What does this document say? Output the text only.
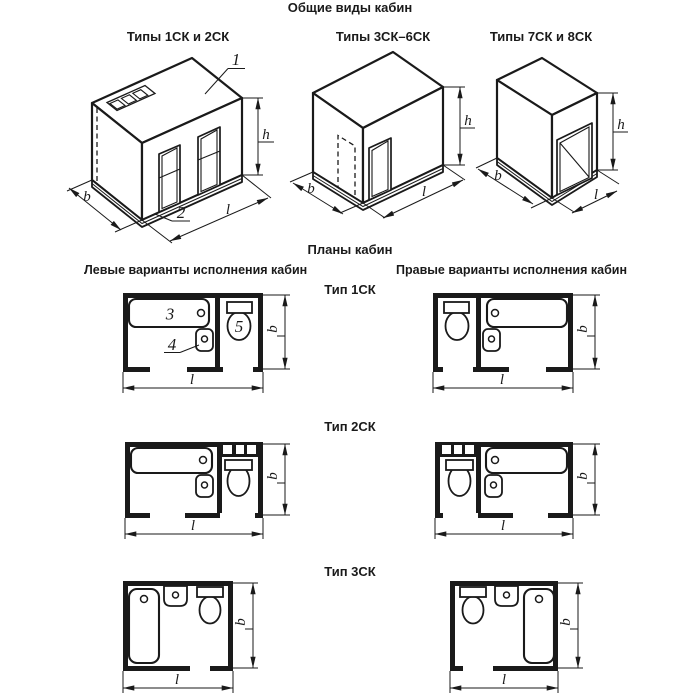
Общие виды кабин
Типы 1СК и 2СК	Типы 3СК–6СК	Типы 7СК и 8СК
Планы кабин
Левые варианты исполнения кабин	Правые варианты исполнения кабин
Тип 1СК
Тип 2СК
Тип 3СК
1
2
h
b
l
h
b	l
h
b
l
3
4
5 b
l
b
l
b
l
b
l
b
l
b
l
